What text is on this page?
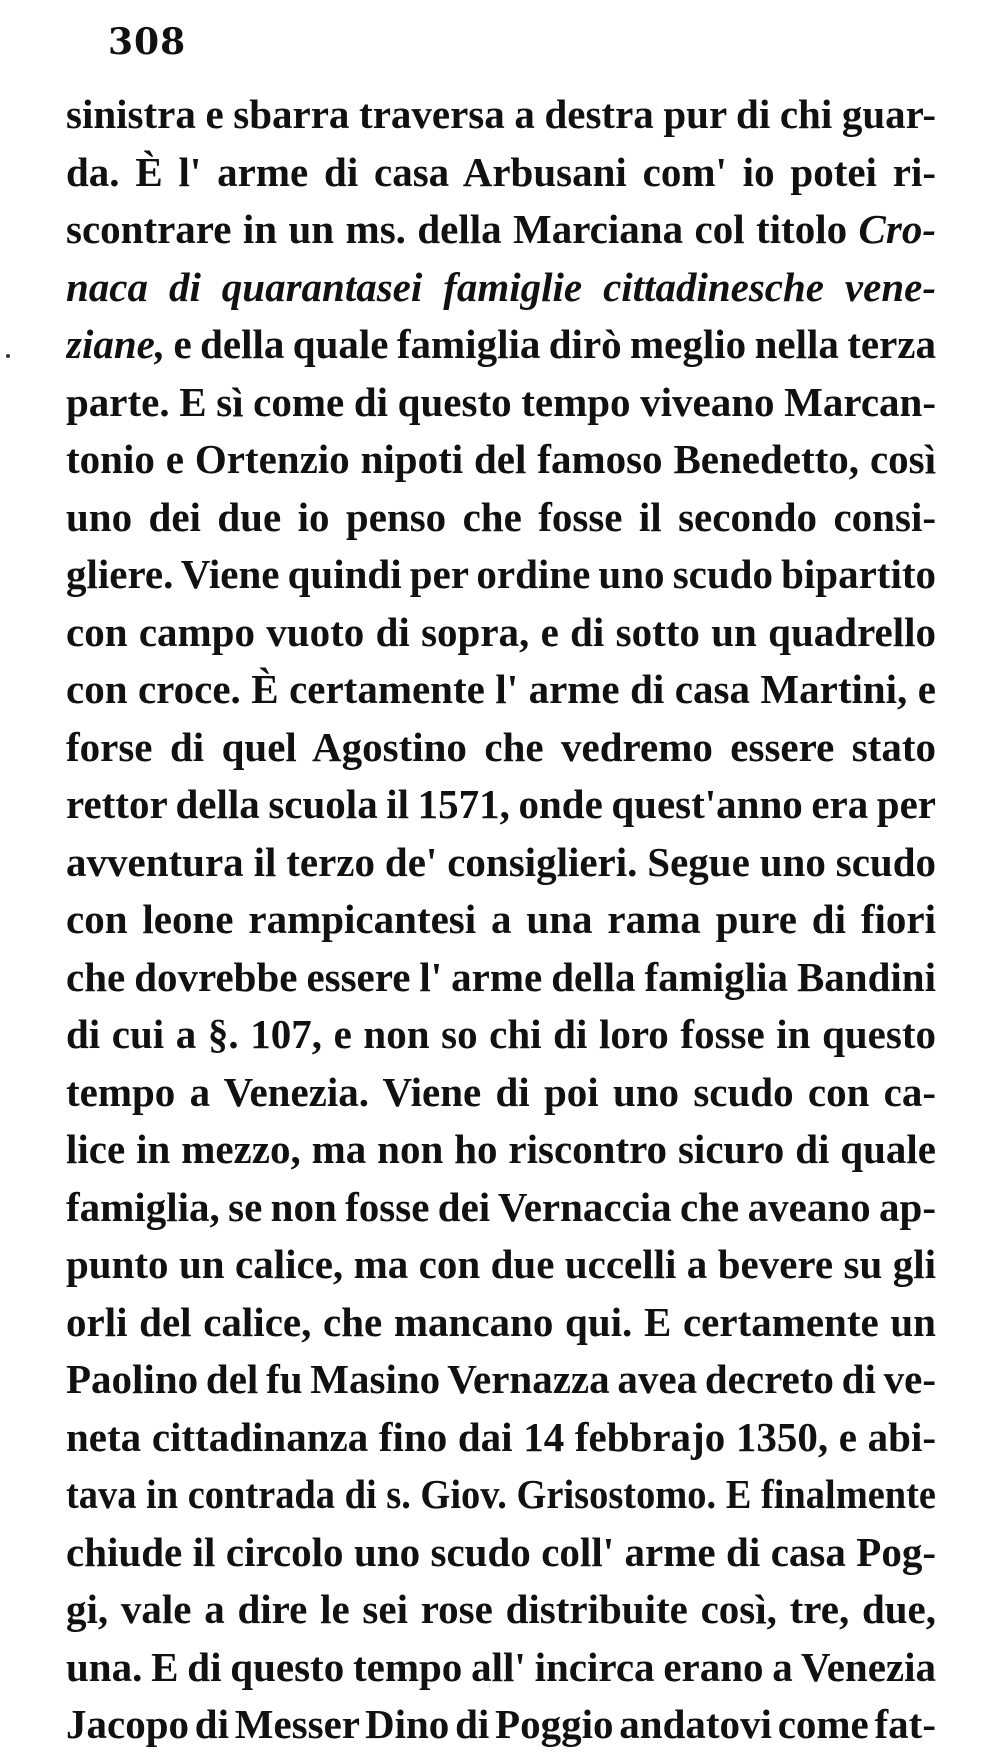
308
sinistra e sbarra traversa a destra pur di chi guar-
da. È l' arme di casa Arbusani com' io potei ri-
scontrare in un ms. della Marciana col titolo Cro-
naca di quarantasei famiglie cittadinesche vene-
ziane, e della quale famiglia dirò meglio nella terza
parte. E sì come di questo tempo viveano Marcan-
tonio e Ortenzio nipoti del famoso Benedetto, così
uno dei due io penso che fosse il secondo consi-
gliere. Viene quindi per ordine uno scudo bipartito
con campo vuoto di sopra, e di sotto un quadrello
con croce. È certamente l' arme di casa Martini, e
forse di quel Agostino che vedremo essere stato
rettor della scuola il 1571, onde quest'anno era per
avventura il terzo de' consiglieri. Segue uno scudo
con leone rampicantesi a una rama pure di fiori
che dovrebbe essere l' arme della famiglia Bandini
di cui a §. 107, e non so chi di loro fosse in questo
tempo a Venezia. Viene di poi uno scudo con ca-
lice in mezzo, ma non ho riscontro sicuro di quale
famiglia, se non fosse dei Vernaccia che aveano ap-
punto un calice, ma con due uccelli a bevere su gli
orli del calice, che mancano qui. E certamente un
Paolino del fu Masino Vernazza avea decreto di ve-
neta cittadinanza fino dai 14 febbrajo 1350, e abi-
tava in contrada di s. Giov. Grisostomo. E finalmente
chiude il circolo uno scudo coll' arme di casa Pog-
gi, vale a dire le sei rose distribuite così, tre, due,
una. E di questo tempo all' incirca erano a Venezia
Jacopo di Messer Dino di Poggio andatovi come fat-
